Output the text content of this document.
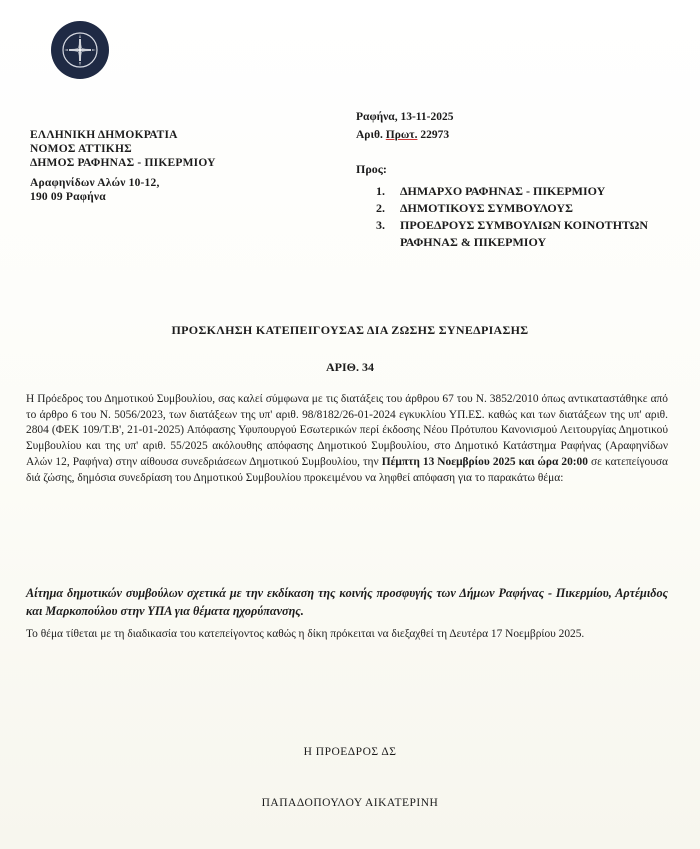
ΕΛΛΗΝΙΚΗ ΔΗΜΟΚΡΑΤΙΑ
ΝΟΜΟΣ ΑΤΤΙΚΗΣ
ΔΗΜΟΣ ΡΑΦΗΝΑΣ - ΠΙΚΕΡΜΙΟΥ
Αραφηνίδων Αλών 10-12,
190 09 Ραφήνα
Ραφήνα, 13-11-2025
Αριθ. Πρωτ. 22973
Προς:
1.	ΔΗΜΑΡΧΟ ΡΑΦΗΝΑΣ - ΠΙΚΕΡΜΙΟΥ
2.	ΔΗΜΟΤΙΚΟΥΣ ΣΥΜΒΟΥΛΟΥΣ
3.	ΠΡΟΕΔΡΟΥΣ ΣΥΜΒΟΥΛΙΩΝ ΚΟΙΝΟΤΗΤΩΝ ΡΑΦΗΝΑΣ & ΠΙΚΕΡΜΙΟΥ
ΠΡΟΣΚΛΗΣΗ ΚΑΤΕΠΕΙΓΟΥΣΑΣ ΔΙΑ ΖΩΣΗΣ ΣΥΝΕΔΡΙΑΣΗΣ
ΑΡΙΘ. 34
Η Πρόεδρος του Δημοτικού Συμβουλίου, σας καλεί σύμφωνα με τις διατάξεις του άρθρου 67 του Ν. 3852/2010 όπως αντικαταστάθηκε από το άρθρο 6 του Ν. 5056/2023, των διατάξεων της υπ' αριθ. 98/8182/26-01-2024 εγκυκλίου ΥΠ.ΕΣ. καθώς και των διατάξεων της υπ' αριθ. 2804 (ΦΕΚ 109/Τ.Β', 21-01-2025) Απόφασης Υφυπουργού Εσωτερικών περί έκδοσης Νέου Πρότυπου Κανονισμού Λειτουργίας Δημοτικού Συμβουλίου και της υπ' αριθ. 55/2025 ακόλουθης απόφασης Δημοτικού Συμβουλίου, στο Δημοτικό Κατάστημα Ραφήνας (Αραφηνίδων Αλών 12, Ραφήνα) στην αίθουσα συνεδριάσεων Δημοτικού Συμβουλίου, την Πέμπτη 13 Νοεμβρίου 2025 και ώρα 20:00 σε κατεπείγουσα διά ζώσης, δημόσια συνεδρίαση του Δημοτικού Συμβουλίου προκειμένου να ληφθεί απόφαση για το παρακάτω θέμα:
Αίτημα δημοτικών συμβούλων σχετικά με την εκδίκαση της κοινής προσφυγής των Δήμων Ραφήνας - Πικερμίου, Αρτέμιδος και Μαρκοπούλου στην ΥΠΑ για θέματα ηχορύπανσης.
Το θέμα τίθεται με τη διαδικασία του κατεπείγοντος καθώς η δίκη πρόκειται να διεξαχθεί τη Δευτέρα 17 Νοεμβρίου 2025.
Η ΠΡΟΕΔΡΟΣ ΔΣ
ΠΑΠΑΔΟΠΟΥΛΟΥ ΑΙΚΑΤΕΡΙΝΗ
